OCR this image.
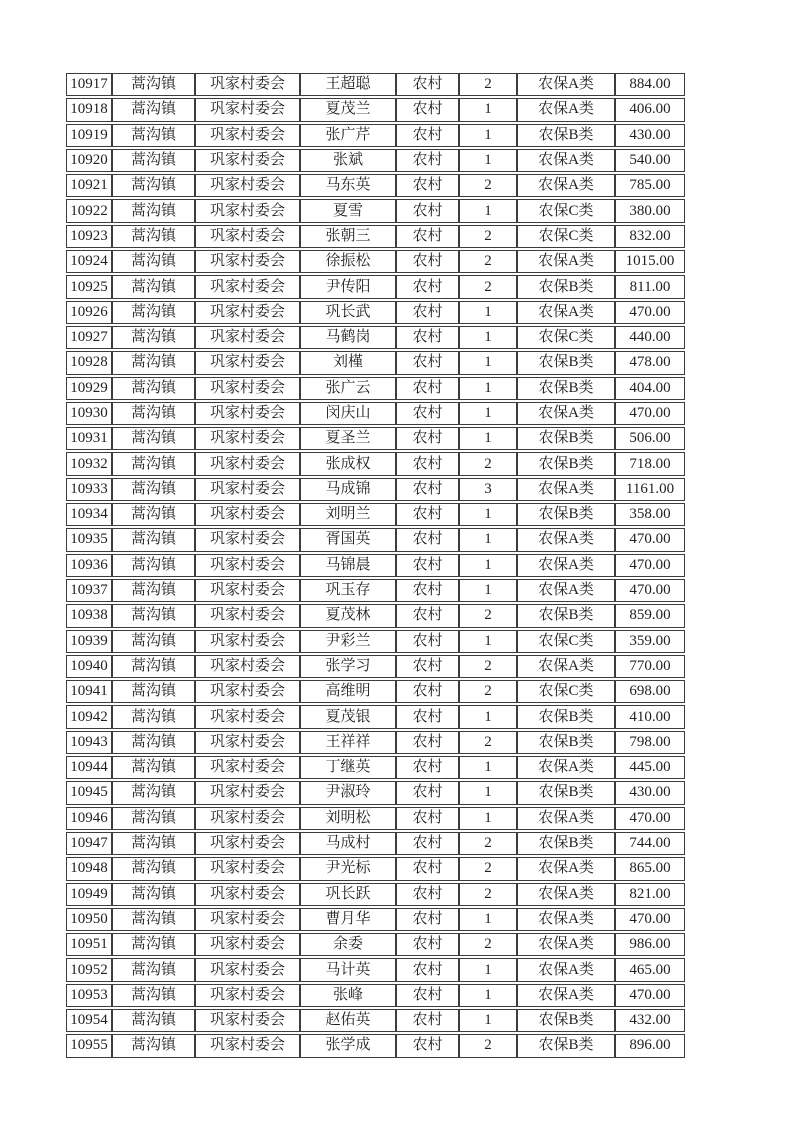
10917	蒿沟镇	巩家村委会	王超聪	农村	2	农保A类	884.00
10918	蒿沟镇	巩家村委会	夏茂兰	农村	1	农保A类	406.00
10919	蒿沟镇	巩家村委会	张广芹	农村	1	农保B类	430.00
10920	蒿沟镇	巩家村委会	张斌	农村	1	农保A类	540.00
10921	蒿沟镇	巩家村委会	马东英	农村	2	农保A类	785.00
10922	蒿沟镇	巩家村委会	夏雪	农村	1	农保C类	380.00
10923	蒿沟镇	巩家村委会	张朝三	农村	2	农保C类	832.00
10924	蒿沟镇	巩家村委会	徐振松	农村	2	农保A类	1015.00
10925	蒿沟镇	巩家村委会	尹传阳	农村	2	农保B类	811.00
10926	蒿沟镇	巩家村委会	巩长武	农村	1	农保A类	470.00
10927	蒿沟镇	巩家村委会	马鹤岗	农村	1	农保C类	440.00
10928	蒿沟镇	巩家村委会	刘槿	农村	1	农保B类	478.00
10929	蒿沟镇	巩家村委会	张广云	农村	1	农保B类	404.00
10930	蒿沟镇	巩家村委会	闵庆山	农村	1	农保A类	470.00
10931	蒿沟镇	巩家村委会	夏圣兰	农村	1	农保B类	506.00
10932	蒿沟镇	巩家村委会	张成权	农村	2	农保B类	718.00
10933	蒿沟镇	巩家村委会	马成锦	农村	3	农保A类	1161.00
10934	蒿沟镇	巩家村委会	刘明兰	农村	1	农保B类	358.00
10935	蒿沟镇	巩家村委会	胥国英	农村	1	农保A类	470.00
10936	蒿沟镇	巩家村委会	马锦晨	农村	1	农保A类	470.00
10937	蒿沟镇	巩家村委会	巩玉存	农村	1	农保A类	470.00
10938	蒿沟镇	巩家村委会	夏茂林	农村	2	农保B类	859.00
10939	蒿沟镇	巩家村委会	尹彩兰	农村	1	农保C类	359.00
10940	蒿沟镇	巩家村委会	张学习	农村	2	农保A类	770.00
10941	蒿沟镇	巩家村委会	高维明	农村	2	农保C类	698.00
10942	蒿沟镇	巩家村委会	夏茂银	农村	1	农保B类	410.00
10943	蒿沟镇	巩家村委会	王祥祥	农村	2	农保B类	798.00
10944	蒿沟镇	巩家村委会	丁继英	农村	1	农保A类	445.00
10945	蒿沟镇	巩家村委会	尹淑玲	农村	1	农保B类	430.00
10946	蒿沟镇	巩家村委会	刘明松	农村	1	农保A类	470.00
10947	蒿沟镇	巩家村委会	马成村	农村	2	农保B类	744.00
10948	蒿沟镇	巩家村委会	尹光标	农村	2	农保A类	865.00
10949	蒿沟镇	巩家村委会	巩长跃	农村	2	农保A类	821.00
10950	蒿沟镇	巩家村委会	曹月华	农村	1	农保A类	470.00
10951	蒿沟镇	巩家村委会	余委	农村	2	农保A类	986.00
10952	蒿沟镇	巩家村委会	马计英	农村	1	农保A类	465.00
10953	蒿沟镇	巩家村委会	张峰	农村	1	农保A类	470.00
10954	蒿沟镇	巩家村委会	赵佑英	农村	1	农保B类	432.00
10955	蒿沟镇	巩家村委会	张学成	农村	2	农保B类	896.00
